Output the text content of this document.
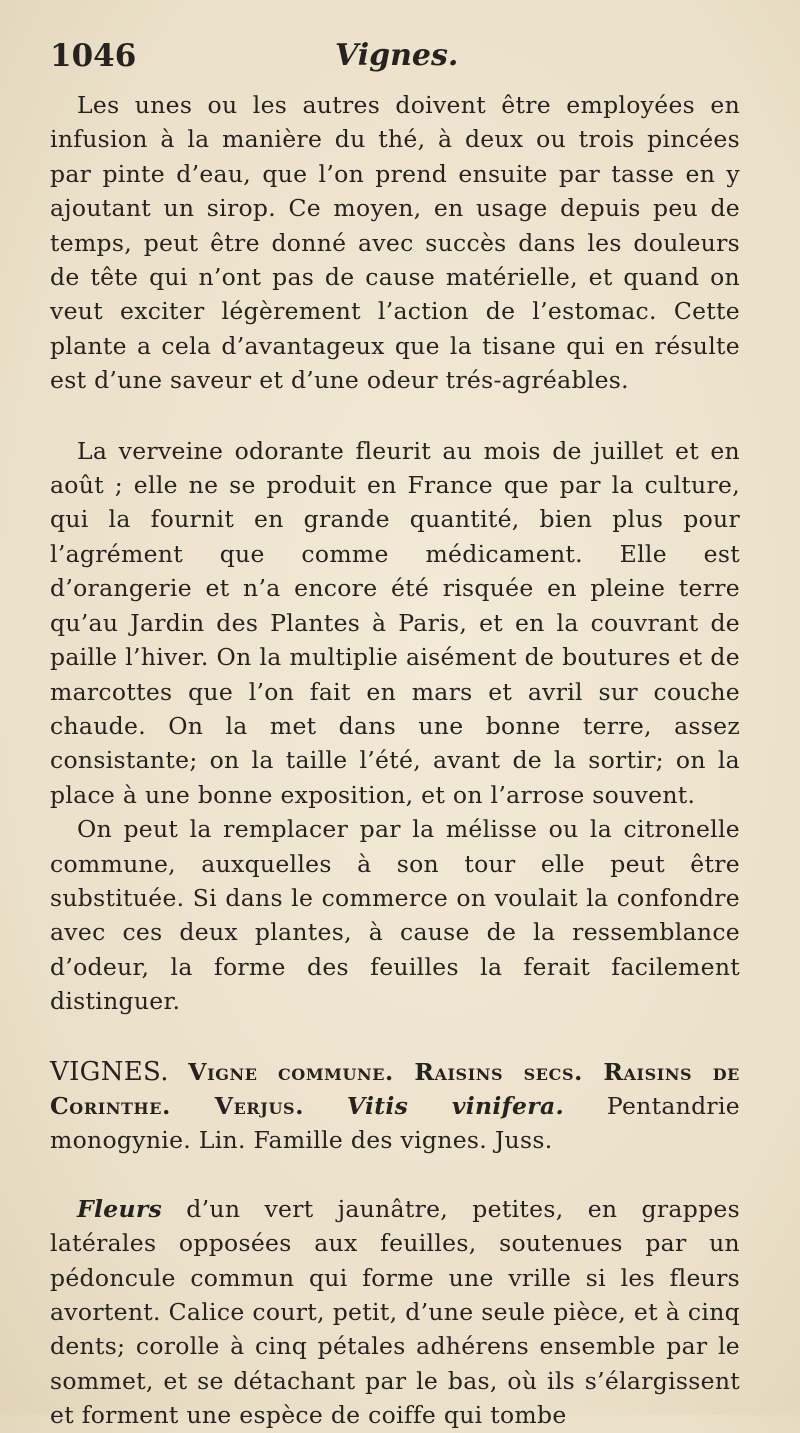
1046	Vignes.

Les unes ou les autres doivent être employées en infusion à la manière du thé, à deux ou trois pincées par pinte d’eau, que l’on prend ensuite par tasse en y ajoutant un sirop. Ce moyen, en usage depuis peu de temps, peut être donné avec succès dans les douleurs de tête qui n’ont pas de cause matérielle, et quand on veut exciter légèrement l’action de l’estomac. Cette plante a cela d’avantageux que la tisane qui en résulte est d’une saveur et d’une odeur trés-agréables.

La verveine odorante fleurit au mois de juillet et en août ; elle ne se produit en France que par la culture, qui la fournit en grande quantité, bien plus pour l’agrément que comme médicament. Elle est d’orangerie et n’a encore été risquée en pleine terre qu’au Jardin des Plantes à Paris, et en la couvrant de paille l’hiver. On la multiplie aisément de boutures et de marcottes que l’on fait en mars et avril sur couche chaude. On la met dans une bonne terre, assez consistante; on la taille l’été, avant de la sortir; on la place à une bonne exposition, et on l’arrose souvent.

On peut la remplacer par la mélisse ou la citronelle commune, auxquelles à son tour elle peut être substituée. Si dans le commerce on voulait la confondre avec ces deux plantes, à cause de la ressemblance d’odeur, la forme des feuilles la ferait facilement distinguer.

VIGNES. Vigne commune. Raisins secs. Raisins de Corinthe. Verjus. Vitis vinifera. Pentandrie monogynie. Lin. Famille des vignes. Juss.

Fleurs d’un vert jaunâtre, petites, en grappes latérales opposées aux feuilles, soutenues par un pédoncule commun qui forme une vrille si les fleurs avortent. Calice court, petit, d’une seule pièce, et à cinq dents; corolle à cinq pétales adhérens ensemble par le sommet, et se détachant par le bas, où ils s’élargissent et forment une espèce de coiffe qui tombe
